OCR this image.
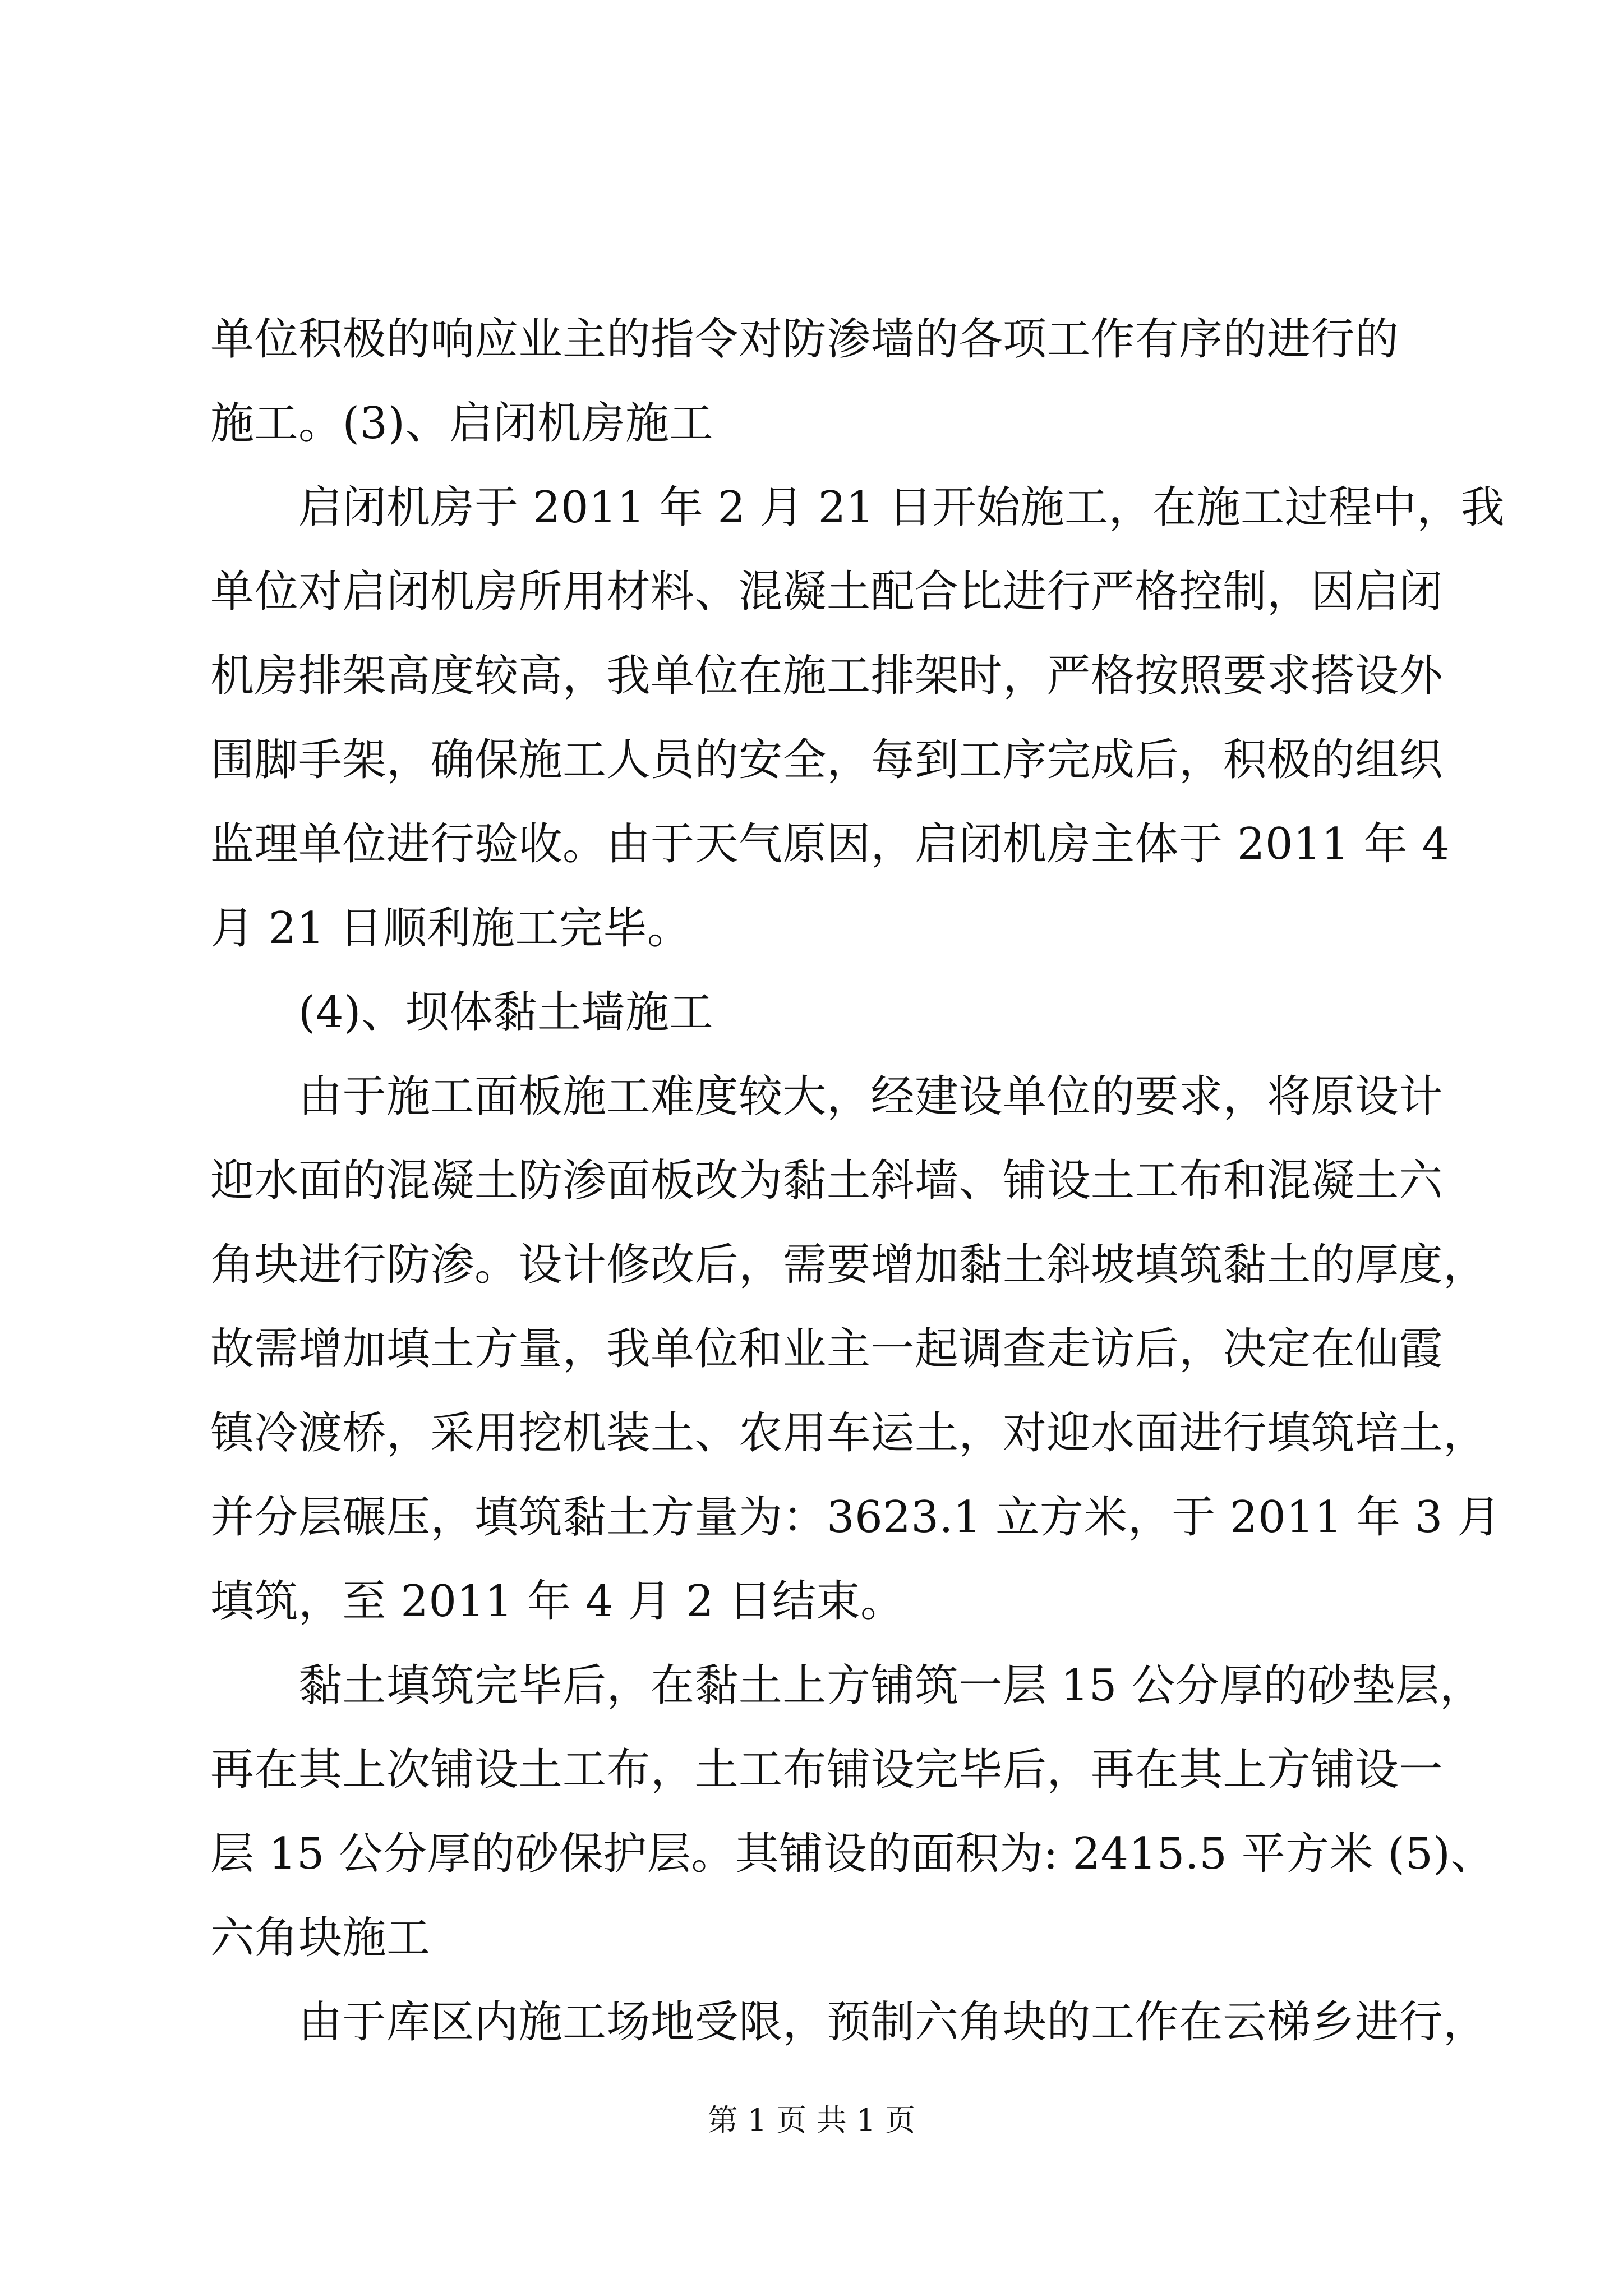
单位积极的响应业主的指令对防渗墙的各项工作有序的进行的
施工。(3)、启闭机房施工
　　启闭机房于 2011 年 2 月 21 日开始施工，在施工过程中，我
单位对启闭机房所用材料、混凝土配合比进行严格控制，因启闭
机房排架高度较高，我单位在施工排架时，严格按照要求搭设外
围脚手架，确保施工人员的安全，每到工序完成后，积极的组织
监理单位进行验收。由于天气原因，启闭机房主体于 2011 年 4
月 21 日顺利施工完毕。
　　(4)、坝体黏土墙施工
　　由于施工面板施工难度较大，经建设单位的要求，将原设计
迎水面的混凝土防渗面板改为黏土斜墙、铺设土工布和混凝土六
角块进行防渗。设计修改后，需要增加黏土斜坡填筑黏土的厚度，
故需增加填土方量，我单位和业主一起调查走访后，决定在仙霞
镇冷渡桥，采用挖机装土、农用车运土，对迎水面进行填筑培土，
并分层碾压，填筑黏土方量为：3623.1 立方米，于 2011 年 3 月
填筑，至 2011 年 4 月 2 日结束。
　　黏土填筑完毕后，在黏土上方铺筑一层 15 公分厚的砂垫层，
再在其上次铺设土工布，土工布铺设完毕后，再在其上方铺设一
层 15 公分厚的砂保护层。其铺设的面积为: 2415.5 平方米 (5)、
六角块施工
　　由于库区内施工场地受限，预制六角块的工作在云梯乡进行，
第 1 页 共 1 页
